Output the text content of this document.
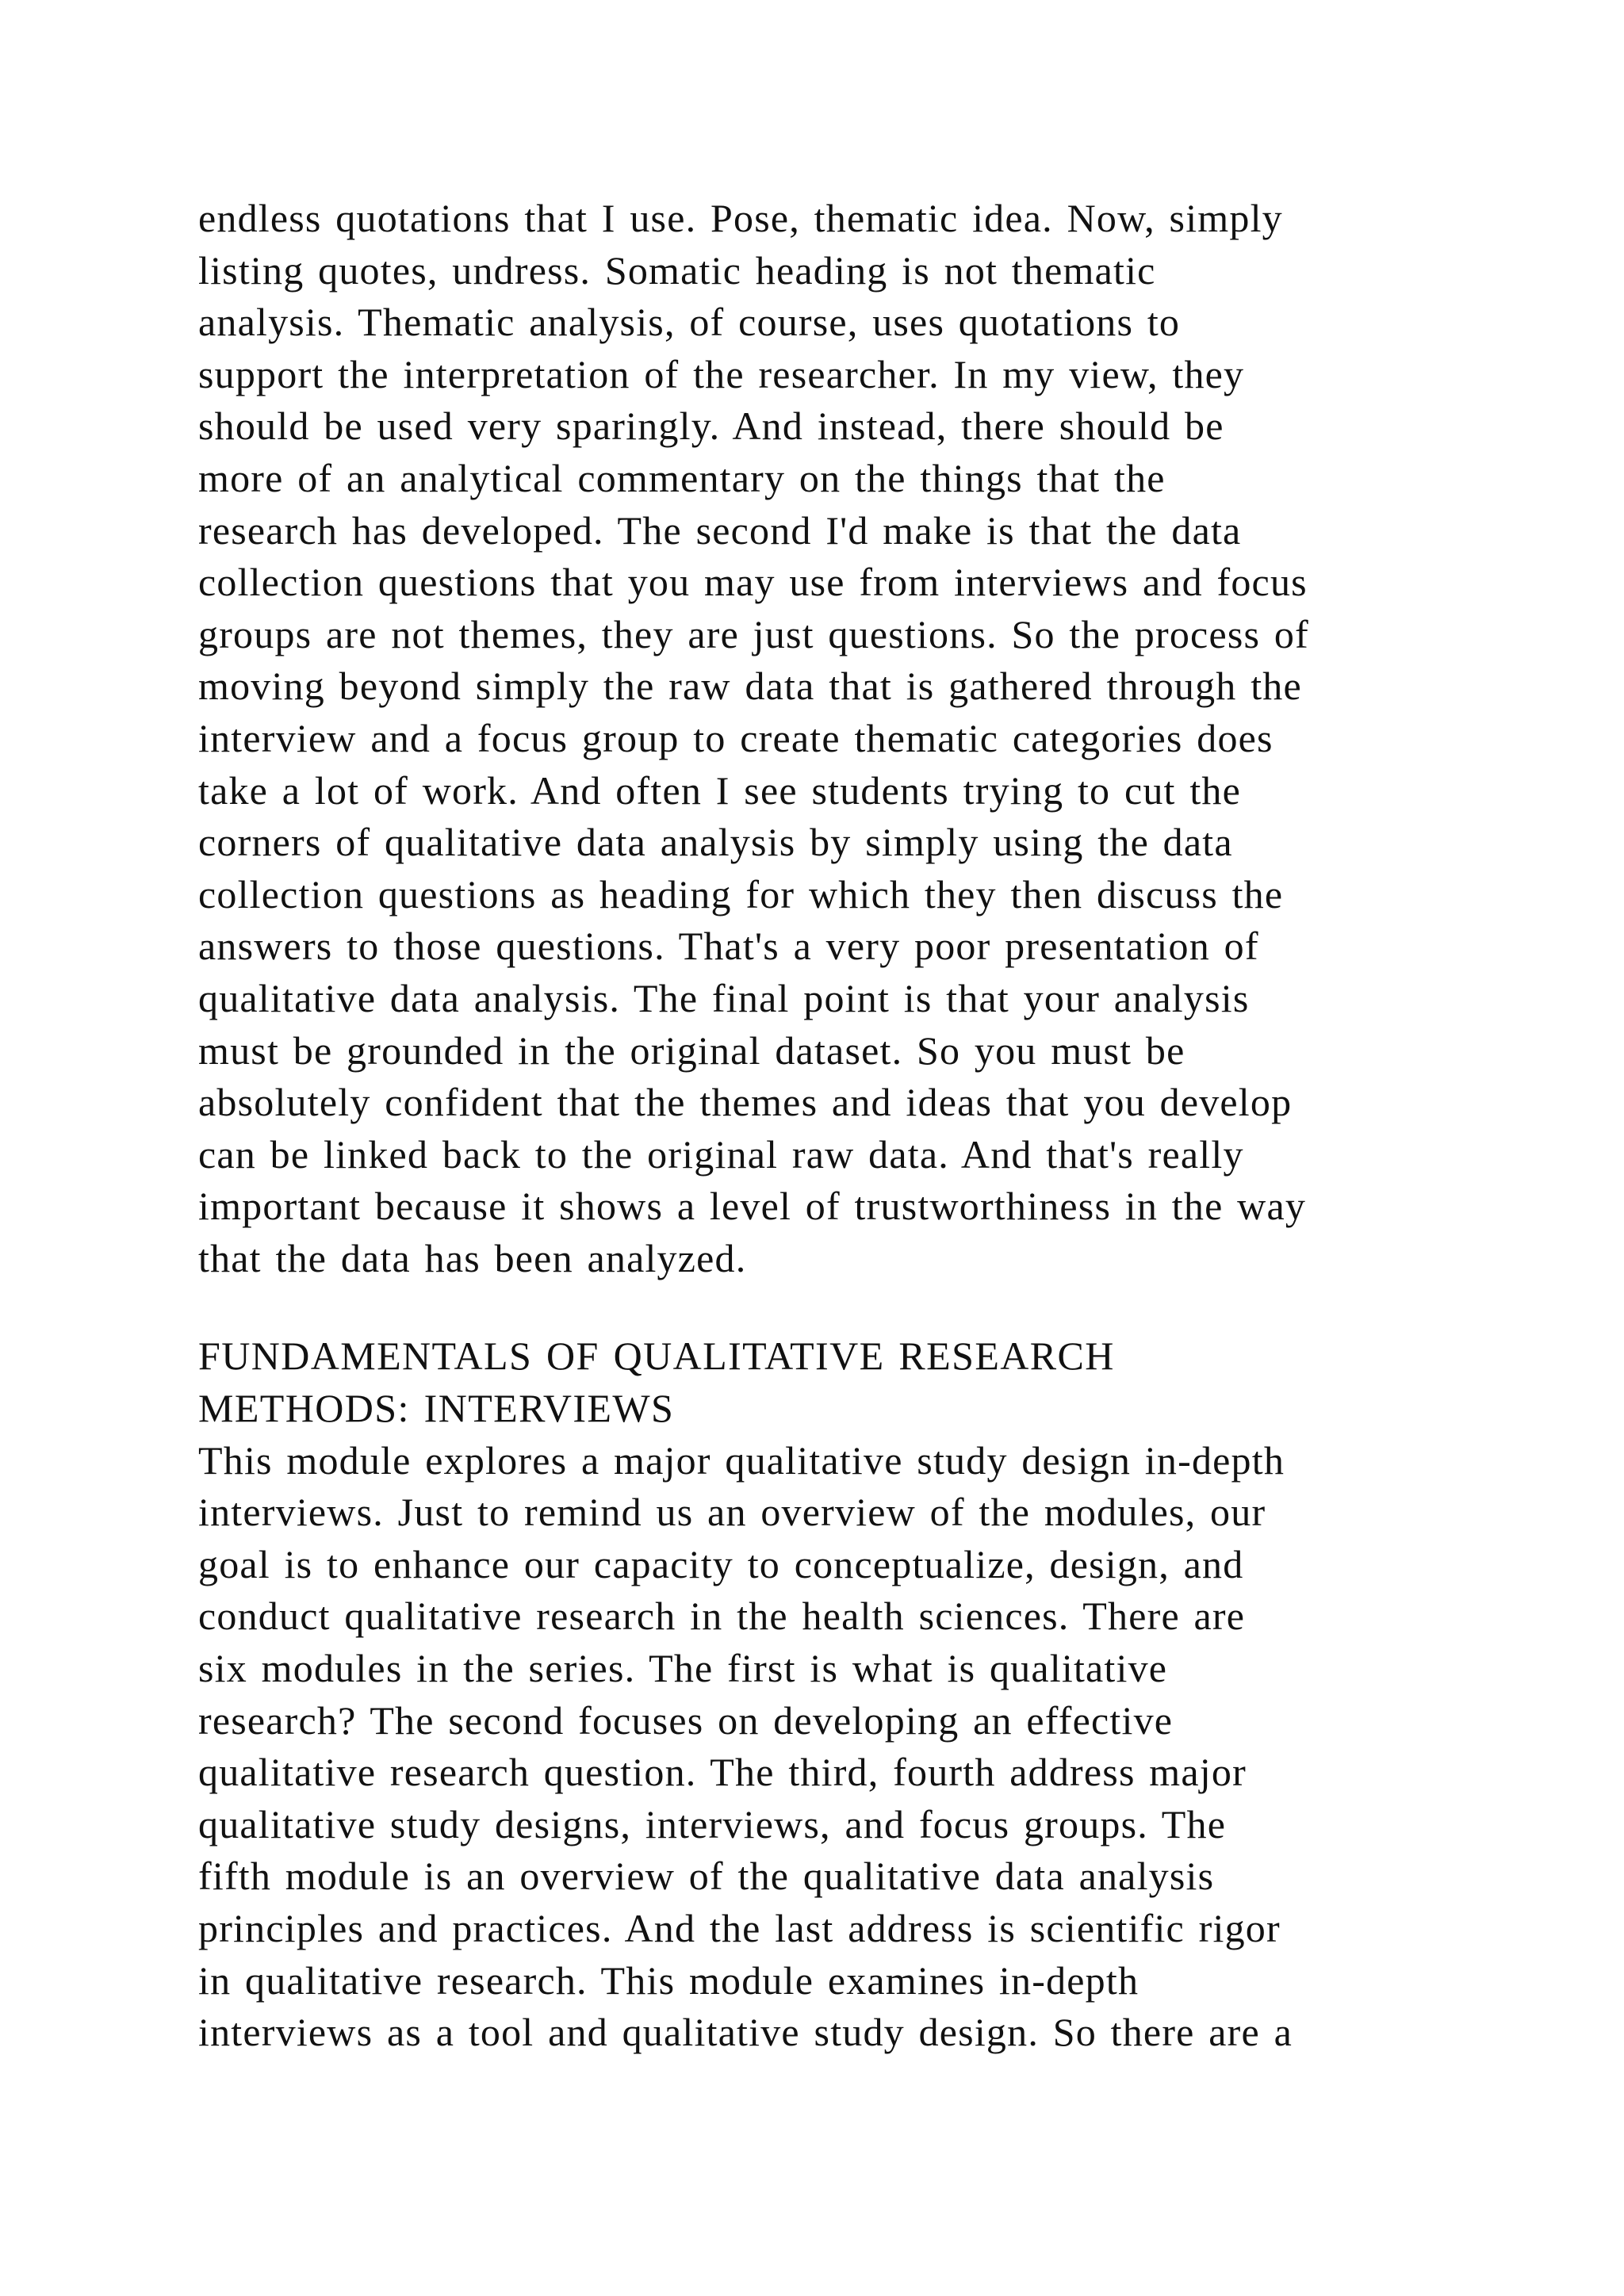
endless quotations that I use. Pose, thematic idea. Now, simply
listing quotes, undress. Somatic heading is not thematic
analysis. Thematic analysis, of course, uses quotations to
support the interpretation of the researcher. In my view, they
should be used very sparingly. And instead, there should be
more of an analytical commentary on the things that the
research has developed. The second I'd make is that the data
collection questions that you may use from interviews and focus
groups are not themes, they are just questions. So the process of
moving beyond simply the raw data that is gathered through the
interview and a focus group to create thematic categories does
take a lot of work. And often I see students trying to cut the
corners of qualitative data analysis by simply using the data
collection questions as heading for which they then discuss the
answers to those questions. That's a very poor presentation of
qualitative data analysis. The final point is that your analysis
must be grounded in the original dataset. So you must be
absolutely confident that the themes and ideas that you develop
can be linked back to the original raw data. And that's really
important because it shows a level of trustworthiness in the way
that the data has been analyzed.
FUNDAMENTALS OF QUALITATIVE RESEARCH
METHODS: INTERVIEWS
This module explores a major qualitative study design in-depth
interviews. Just to remind us an overview of the modules, our
goal is to enhance our capacity to conceptualize, design, and
conduct qualitative research in the health sciences. There are
six modules in the series. The first is what is qualitative
research? The second focuses on developing an effective
qualitative research question. The third, fourth address major
qualitative study designs, interviews, and focus groups. The
fifth module is an overview of the qualitative data analysis
principles and practices. And the last address is scientific rigor
in qualitative research. This module examines in-depth
interviews as a tool and qualitative study design. So there are a
